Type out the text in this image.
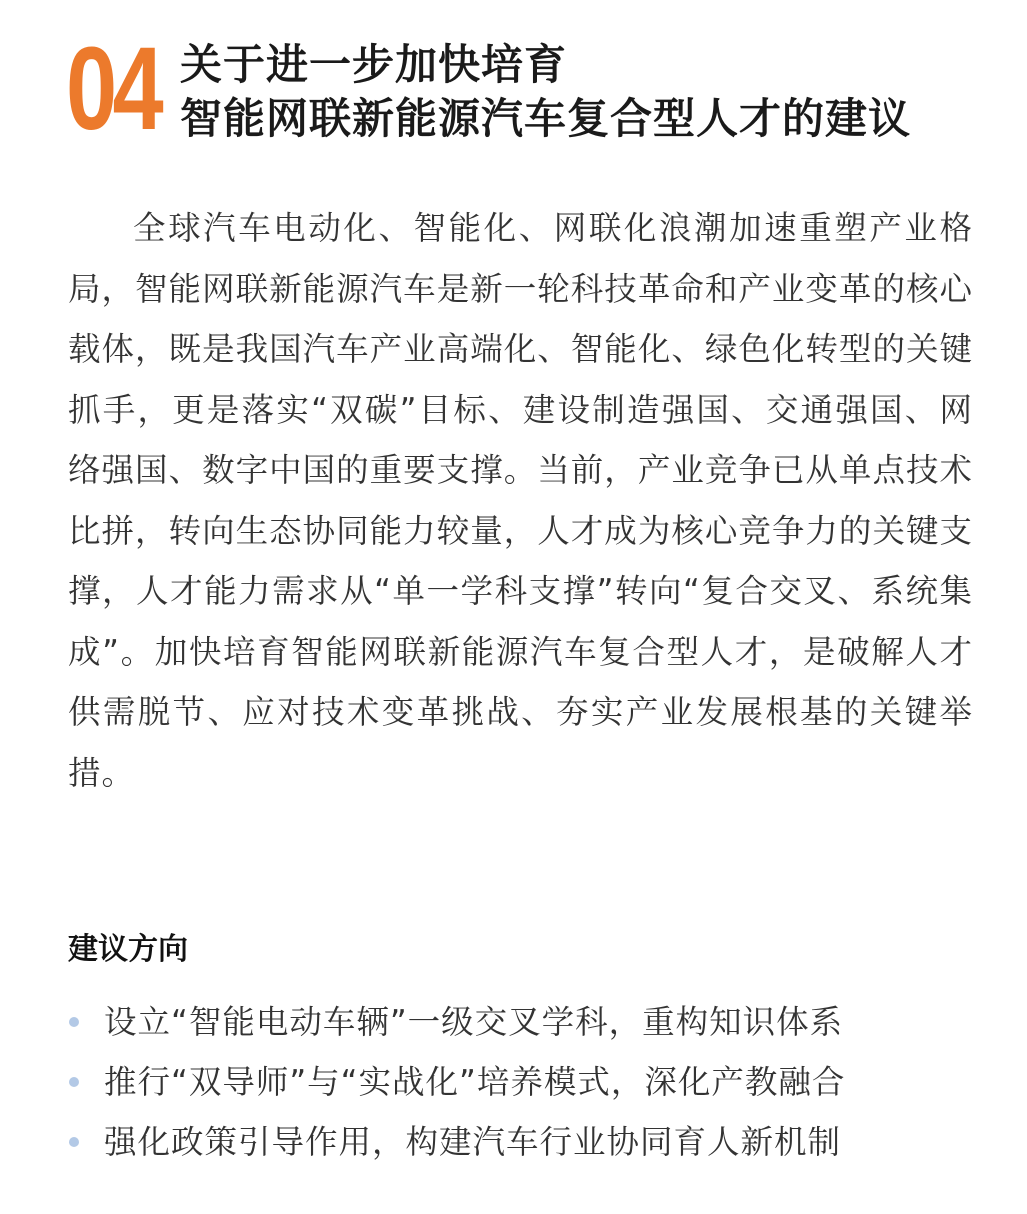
04 关于进一步加快培育
智能网联新能源汽车复合型人才的建议

全球汽车电动化、智能化、网联化浪潮加速重塑产业格局，智能网联新能源汽车是新一轮科技革命和产业变革的核心载体，既是我国汽车产业高端化、智能化、绿色化转型的关键抓手，更是落实“双碳”目标、建设制造强国、交通强国、网络强国、数字中国的重要支撑。当前，产业竞争已从单点技术比拼，转向生态协同能力较量，人才成为核心竞争力的关键支撑，人才能力需求从“单一学科支撑”转向“复合交叉、系统集成”。加快培育智能网联新能源汽车复合型人才，是破解人才供需脱节、应对技术变革挑战、夯实产业发展根基的关键举措。

建议方向
设立“智能电动车辆”一级交叉学科，重构知识体系
推行“双导师”与“实战化”培养模式，深化产教融合
强化政策引导作用，构建汽车行业协同育人新机制
